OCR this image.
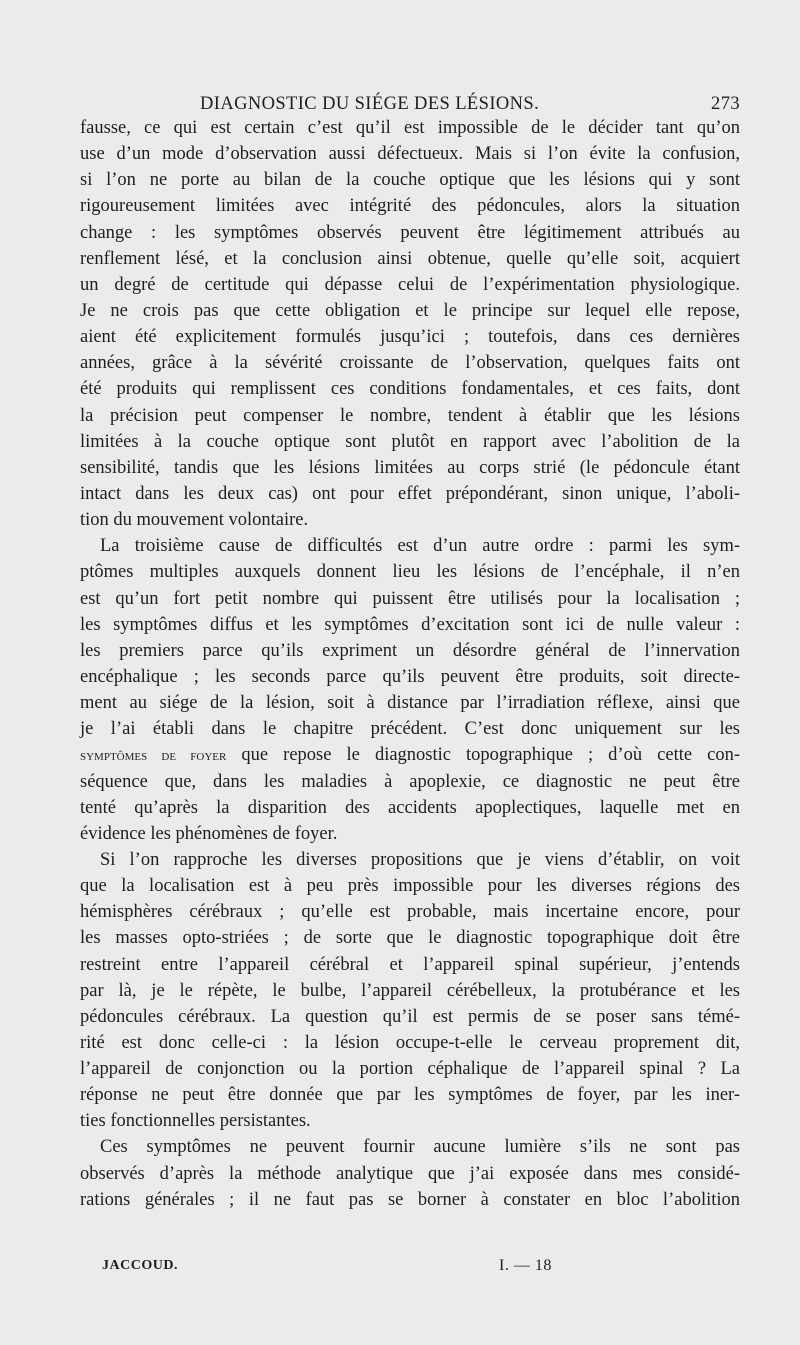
DIAGNOSTIC DU SIÉGE DES LÉSIONS.	273
fausse, ce qui est certain c’est qu’il est impossible de le décider tant qu’on
use d’un mode d’observation aussi défectueux. Mais si l’on évite la confusion,
si l’on ne porte au bilan de la couche optique que les lésions qui y sont
rigoureusement limitées avec intégrité des pédoncules, alors la situation
change : les symptômes observés peuvent être légitimement attribués au
renflement lésé, et la conclusion ainsi obtenue, quelle qu’elle soit, acquiert
un degré de certitude qui dépasse celui de l’expérimentation physiologique.
Je ne crois pas que cette obligation et le principe sur lequel elle repose,
aient été explicitement formulés jusqu’ici ; toutefois, dans ces dernières
années, grâce à la sévérité croissante de l’observation, quelques faits ont
été produits qui remplissent ces conditions fondamentales, et ces faits, dont
la précision peut compenser le nombre, tendent à établir que les lésions
limitées à la couche optique sont plutôt en rapport avec l’abolition de la
sensibilité, tandis que les lésions limitées au corps strié (le pédoncule étant
intact dans les deux cas) ont pour effet prépondérant, sinon unique, l’aboli-
tion du mouvement volontaire.
La troisième cause de difficultés est d’un autre ordre : parmi les sym-
ptômes multiples auxquels donnent lieu les lésions de l’encéphale, il n’en
est qu’un fort petit nombre qui puissent être utilisés pour la localisation ;
les symptômes diffus et les symptômes d’excitation sont ici de nulle valeur :
les premiers parce qu’ils expriment un désordre général de l’innervation
encéphalique ; les seconds parce qu’ils peuvent être produits, soit directe-
ment au siége de la lésion, soit à distance par l’irradiation réflexe, ainsi que
je l’ai établi dans le chapitre précédent. C’est donc uniquement sur les
symptômes de foyer que repose le diagnostic topographique ; d’où cette con-
séquence que, dans les maladies à apoplexie, ce diagnostic ne peut être
tenté qu’après la disparition des accidents apoplectiques, laquelle met en
évidence les phénomènes de foyer.
Si l’on rapproche les diverses propositions que je viens d’établir, on voit
que la localisation est à peu près impossible pour les diverses régions des
hémisphères cérébraux ; qu’elle est probable, mais incertaine encore, pour
les masses opto-striées ; de sorte que le diagnostic topographique doit être
restreint entre l’appareil cérébral et l’appareil spinal supérieur, j’entends
par là, je le répète, le bulbe, l’appareil cérébelleux, la protubérance et les
pédoncules cérébraux. La question qu’il est permis de se poser sans témé-
rité est donc celle-ci : la lésion occupe-t-elle le cerveau proprement dit,
l’appareil de conjonction ou la portion céphalique de l’appareil spinal ? La
réponse ne peut être donnée que par les symptômes de foyer, par les iner-
ties fonctionnelles persistantes.
Ces symptômes ne peuvent fournir aucune lumière s’ils ne sont pas
observés d’après la méthode analytique que j’ai exposée dans mes considé-
rations générales ; il ne faut pas se borner à constater en bloc l’abolition
JACCOUD.	I. — 18
